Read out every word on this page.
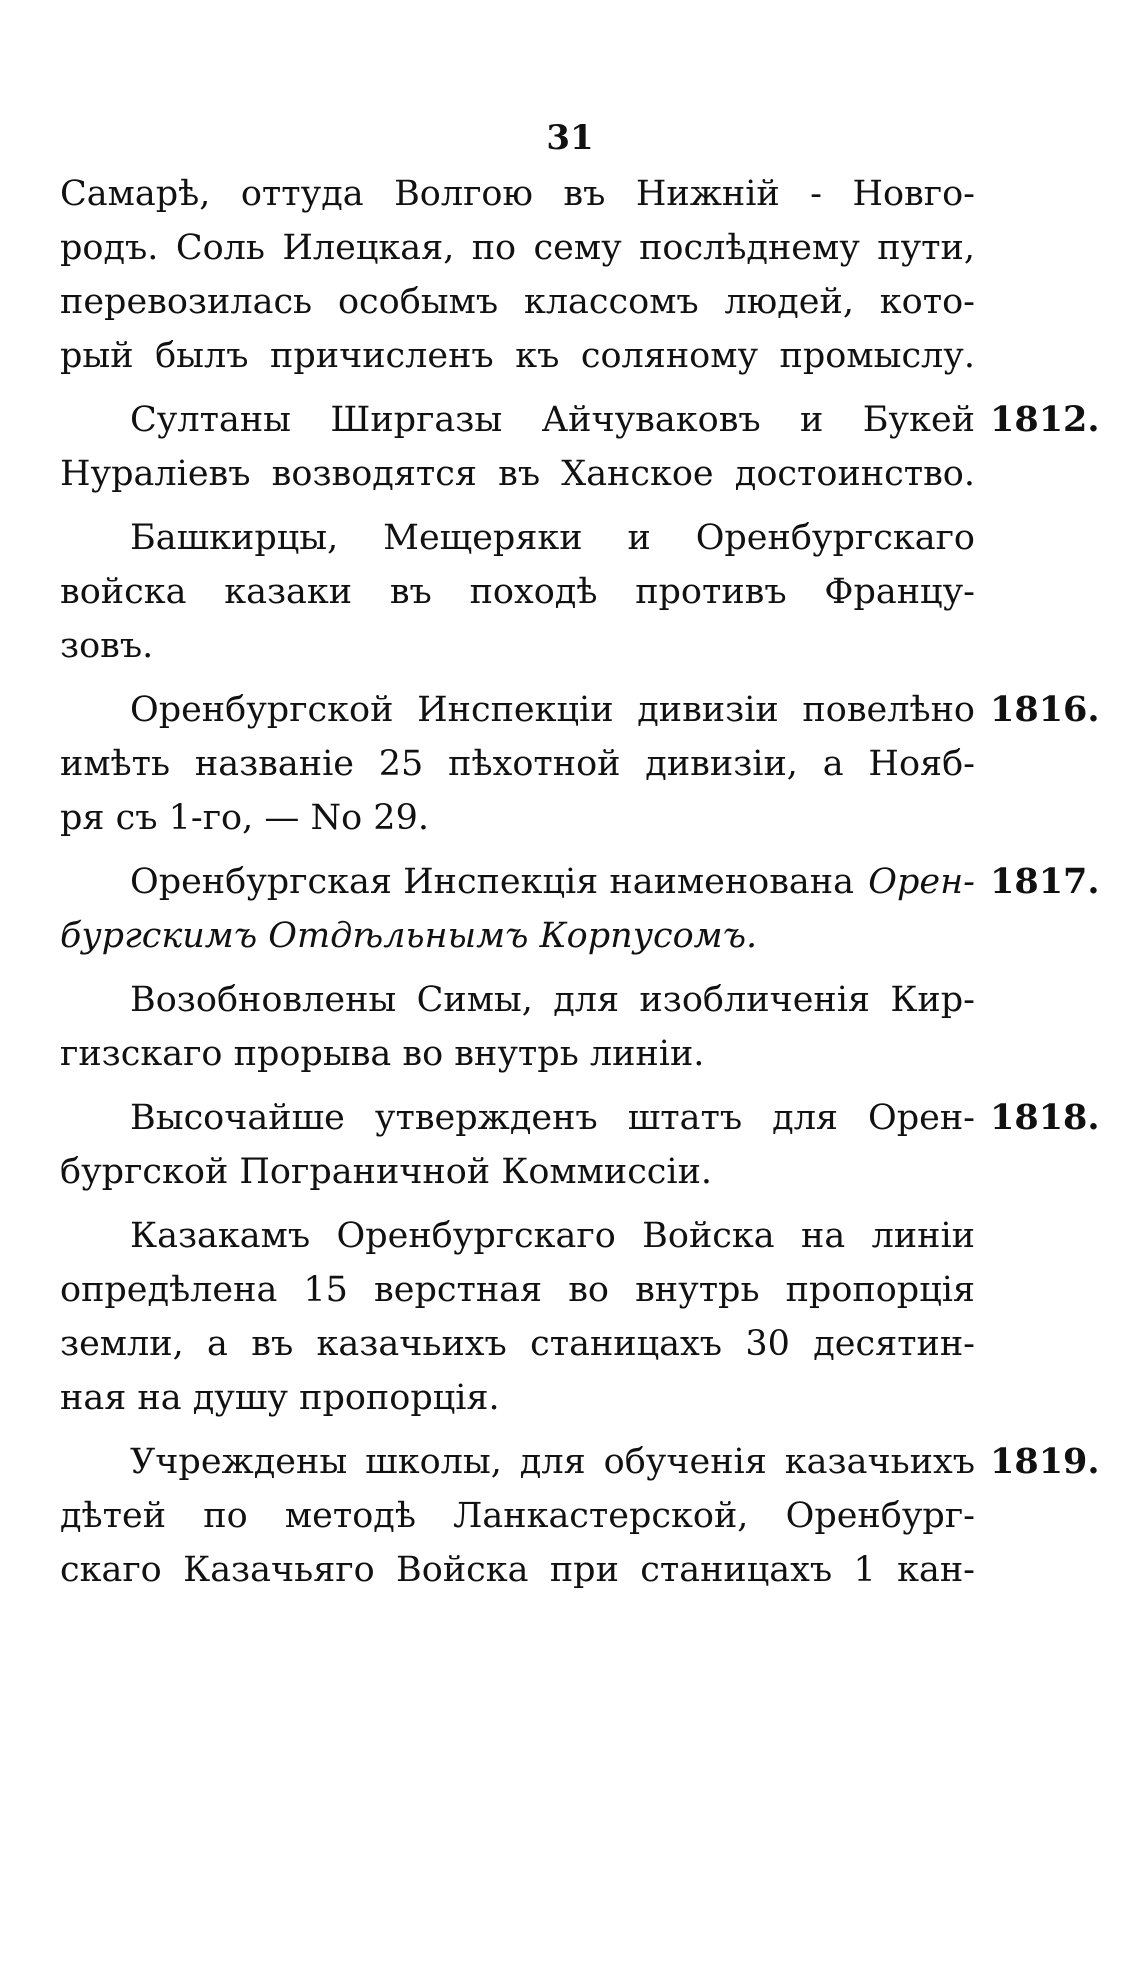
31
Самарѣ, оттуда Волгою въ Нижній - Новго-
родъ. Соль Илецкая, по сему послѣднему пути,
перевозилась особымъ классомъ людей, кото-
рый былъ причисленъ къ соляному промыслу.
Султаны Ширгазы Айчуваковъ и Букей 1812.
Нураліевъ возводятся въ Ханское достоинство.
Башкирцы, Мещеряки и Оренбургскаго
войска казаки въ походѣ противъ Францу-
зовъ.
Оренбургской Инспекціи дивизіи повелѣно 1816.
имѣть названіе 25 пѣхотной дивизіи, а Нояб-
ря съ 1-го, — No 29.
Оренбургская Инспекція наименована Орен- 1817.
бургскимъ Отдѣльнымъ Корпусомъ.
Возобновлены Симы, для изобличенія Кир-
гизскаго прорыва во внутрь линіи.
Высочайше утвержденъ штатъ для Орен- 1818.
бургской Пограничной Коммиссіи.
Казакамъ Оренбургскаго Войска на линіи
опредѣлена 15 верстная во внутрь пропорція
земли, а въ казачьихъ станицахъ 30 десятин-
ная на душу пропорція.
Учреждены школы, для обученія казачьихъ 1819.
дѣтей по методѣ Ланкастерской, Оренбург-
скаго Казачьяго Войска при станицахъ 1 кан-
